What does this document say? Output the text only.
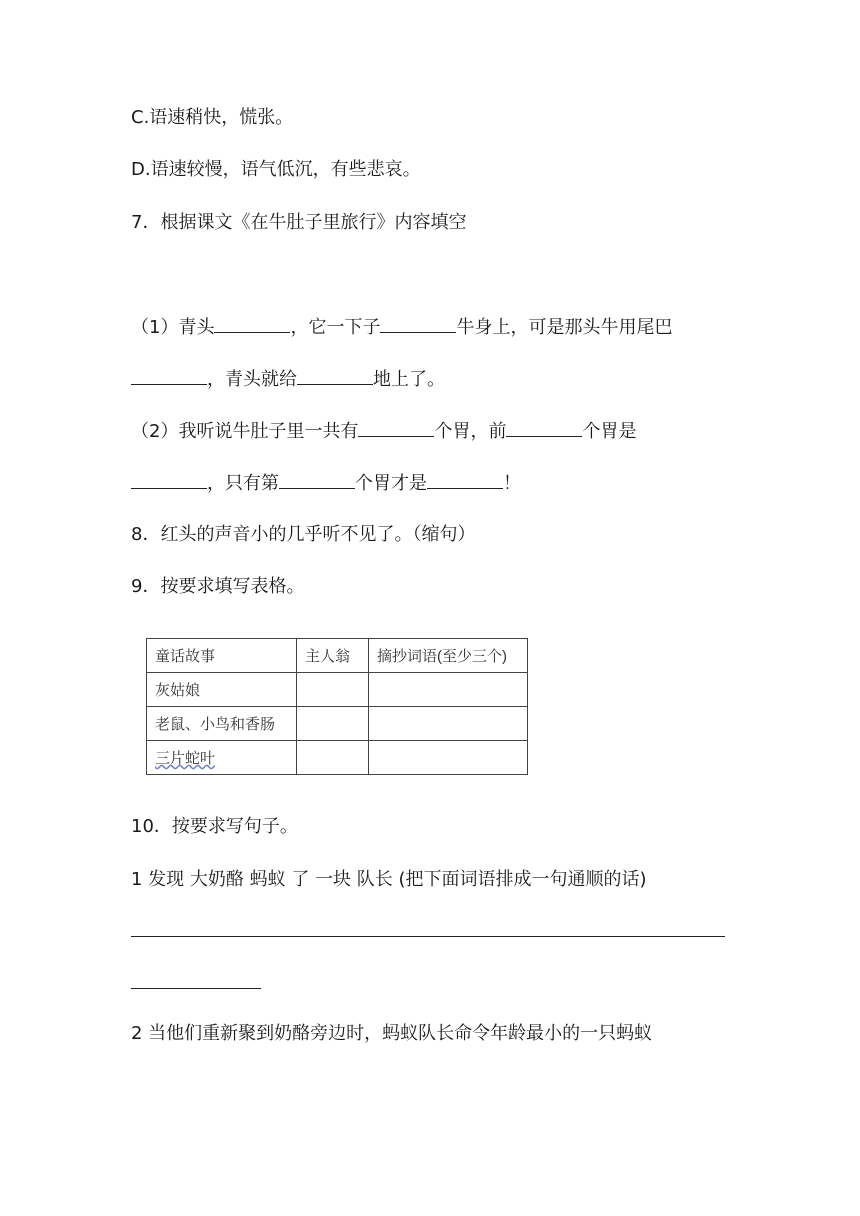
C.语速稍快，慌张。
D.语速较慢，语气低沉，有些悲哀。
7．根据课文《在牛肚子里旅行》内容填空
（1）青头	，它一下子	牛身上，可是那头牛用尾巴
，青头就给	地上了。
（2）我听说牛肚子里一共有	个胃，前	个胃是
，只有第	个胃才是	！
8．红头的声音小的几乎听不见了。（缩句）
9．按要求填写表格。
童话故事	主人翁	摘抄词语(至少三个)
灰姑娘		
老鼠、小鸟和香肠		
三片蛇叶		
10．按要求写句子。
1 发现 大奶酪 蚂蚁 了 一块 队长 (把下面词语排成一句通顺的话)
2 当他们重新聚到奶酪旁边时，蚂蚁队长命令年龄最小的一只蚂蚁
